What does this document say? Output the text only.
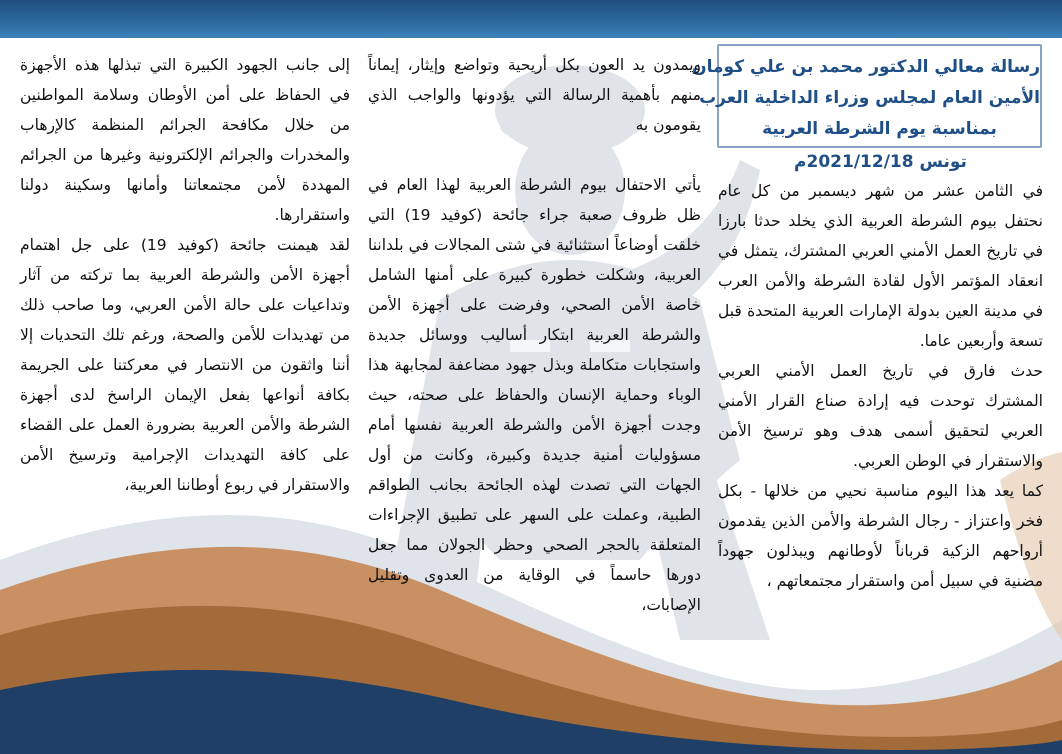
رسالة معالي الدكتور محمد بن علي كومان
الأمين العام لمجلس وزراء الداخلية العرب
بمناسبة يوم الشرطة العربية
تونس 2021/12/18م

في الثامن عشر من شهر ديسمبر من كل عام نحتفل بيوم الشرطة العربية الذي يخلد حدثا بارزا في تاريخ العمل الأمني العربي المشترك، يتمثل في انعقاد المؤتمر الأول لقادة الشرطة والأمن العرب في مدينة العين بدولة الإمارات العربية المتحدة قبل تسعة وأربعين عاما.

حدث فارق في تاريخ العمل الأمني العربي المشترك توحدت فيه إرادة صناع القرار الأمني العربي لتحقيق أسمى هدف وهو ترسيخ الأمن والاستقرار في الوطن العربي.

كما يعد هذا اليوم مناسبة نحيي من خلالها - بكل فخر واعتزاز - رجال الشرطة والأمن الذين يقدمون أرواحهم الزكية قرباناً لأوطانهم ويبذلون جهوداً مضنية في سبيل أمن واستقرار مجتمعاتهم ،

ويمدون يد العون بكل أريحية وتواضع وإيثار، إيماناً منهم بأهمية الرسالة التي يؤدونها والواجب الذي يقومون به

يأتي الاحتفال بيوم الشرطة العربية لهذا العام في ظل ظروف صعبة جراء جائحة (كوفيد 19) التي خلقت أوضاعاً استثنائية في شتى المجالات في بلداننا العربية، وشكلت خطورة كبيرة على أمنها الشامل خاصة الأمن الصحي، وفرضت على أجهزة الأمن والشرطة العربية ابتكار أساليب ووسائل جديدة واستجابات متكاملة وبذل جهود مضاعفة لمجابهة هذا الوباء وحماية الإنسان والحفاظ على صحته، حيث وجدت أجهزة الأمن والشرطة العربية نفسها أمام مسؤوليات أمنية جديدة وكبيرة، وكانت من أول الجهات التي تصدت لهذه الجائحة بجانب الطواقم الطبية، وعملت على السهر على تطبيق الإجراءات المتعلقة بالحجر الصحي وحظر الجولان مما جعل دورها حاسماً في الوقاية من العدوى وتقليل الإصابات،

إلى جانب الجهود الكبيرة التي تبذلها هذه الأجهزة في الحفاظ على أمن الأوطان وسلامة المواطنين من خلال مكافحة الجرائم المنظمة كالإرهاب والمخدرات والجرائم الإلكترونية وغيرها من الجرائم المهددة لأمن مجتمعاتنا وأمانها وسكينة دولنا واستقرارها.

لقد هيمنت جائحة (كوفيد 19) على جل اهتمام أجهزة الأمن والشرطة العربية بما تركته من آثار وتداعيات على حالة الأمن العربي، وما صاحب ذلك من تهديدات للأمن والصحة، ورغم تلك التحديات إلا أننا واثقون من الانتصار في معركتنا على الجريمة بكافة أنواعها بفعل الإيمان الراسخ لدى أجهزة الشرطة والأمن العربية بضرورة العمل على القضاء على كافة التهديدات الإجرامية وترسيخ الأمن والاستقرار في ربوع أوطاننا العربية،
